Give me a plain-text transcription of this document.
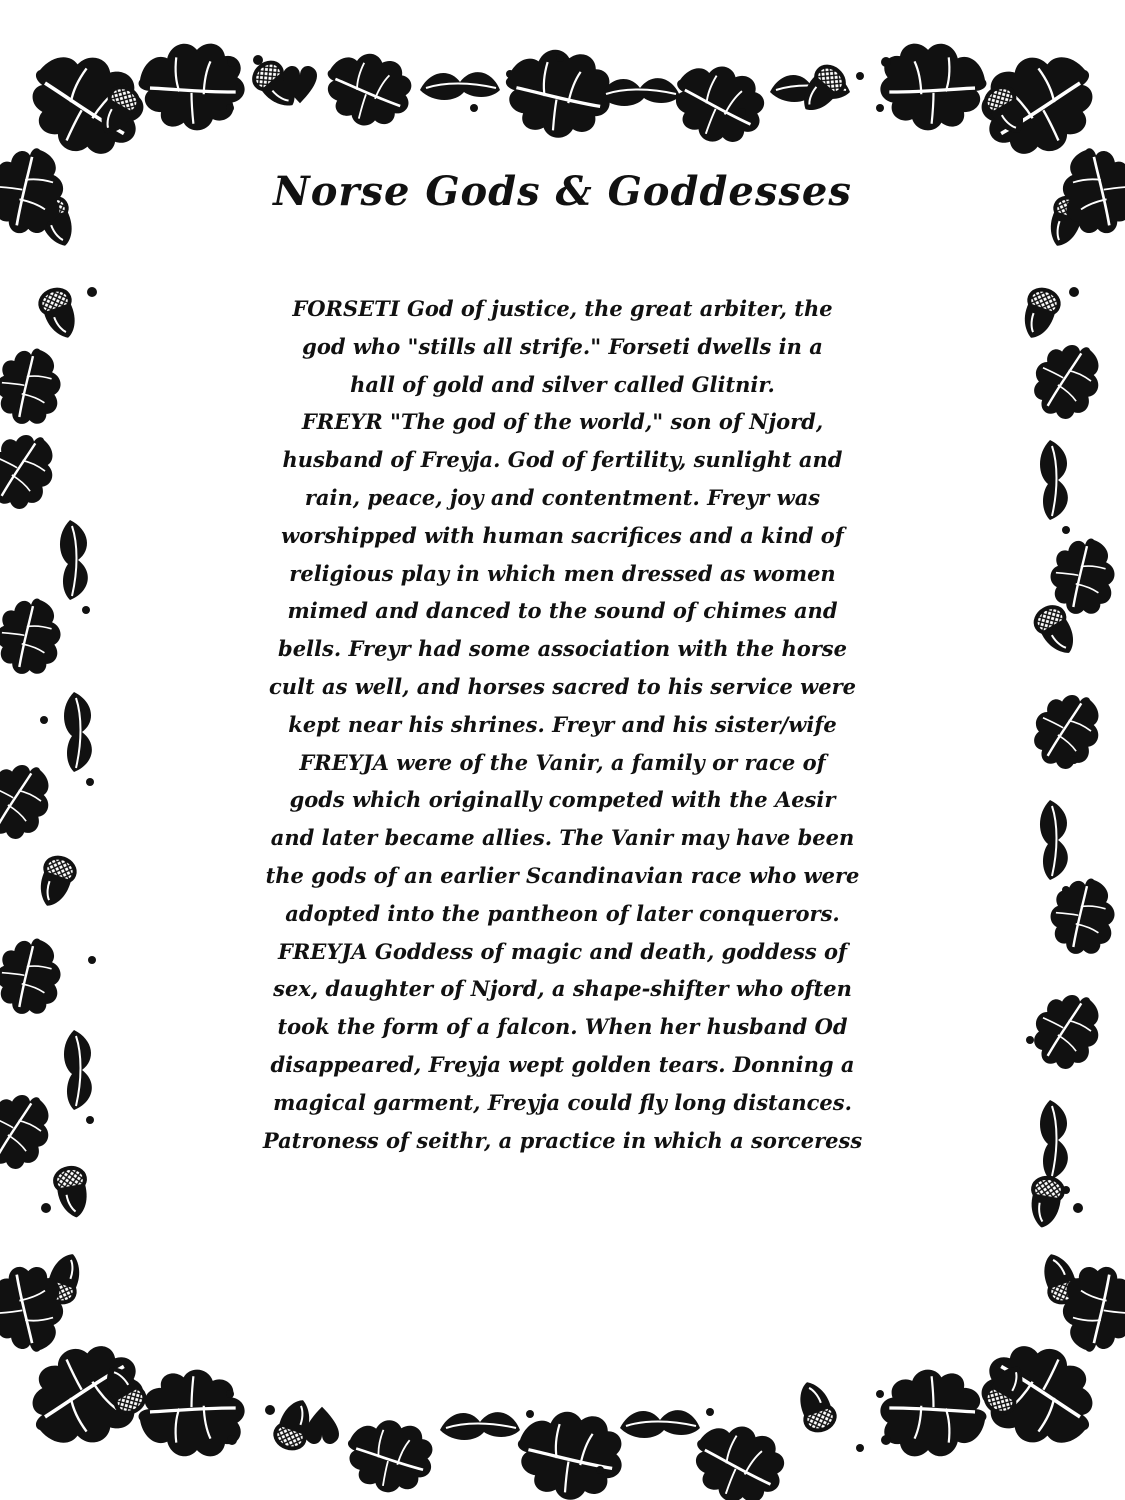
Norse Gods & Goddesses
FORSETI God of justice, the great arbiter, the
god who "stills all strife." Forseti dwells in a
hall of gold and silver called Glitnir.
FREYR "The god of the world," son of Njord,
husband of Freyja. God of fertility, sunlight and
rain, peace, joy and contentment. Freyr was
worshipped with human sacrifices and a kind of
religious play in which men dressed as women
mimed and danced to the sound of chimes and
bells. Freyr had some association with the horse
cult as well, and horses sacred to his service were
kept near his shrines. Freyr and his sister/wife
FREYJA were of the Vanir, a family or race of
gods which originally competed with the Aesir
and later became allies. The Vanir may have been
the gods of an earlier Scandinavian race who were
adopted into the pantheon of later conquerors.
FREYJA Goddess of magic and death, goddess of
sex, daughter of Njord, a shape-shifter who often
took the form of a falcon. When her husband Od
disappeared, Freyja wept golden tears. Donning a
magical garment, Freyja could fly long distances.
Patroness of seithr, a practice in which a sorceress
